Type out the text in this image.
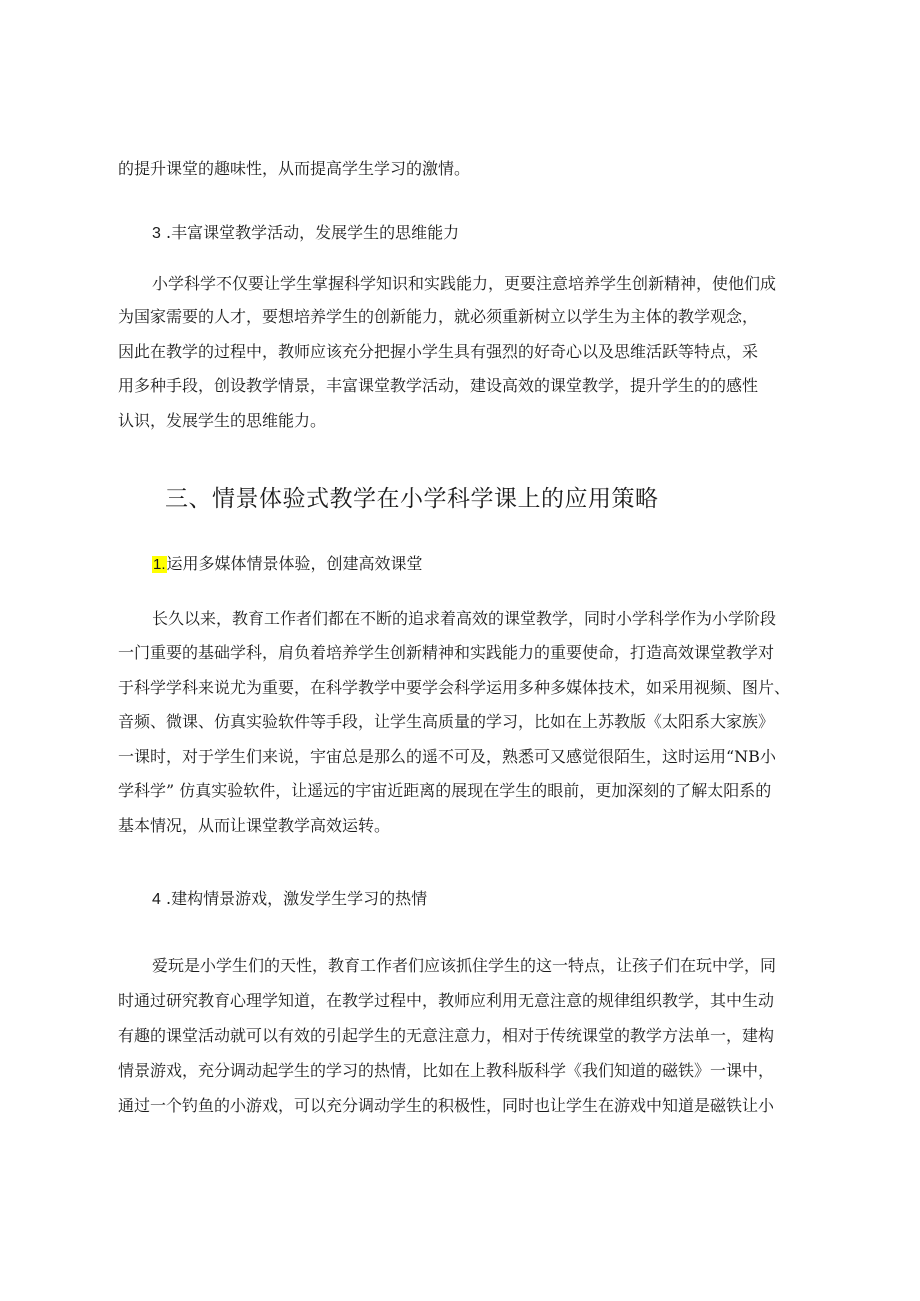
的提升课堂的趣味性，从而提高学生学习的激情。
3 .丰富课堂教学活动，发展学生的思维能力
小学科学不仅要让学生掌握科学知识和实践能力，更要注意培养学生创新精神，使他们成
为国家需要的人才，要想培养学生的创新能力，就必须重新树立以学生为主体的教学观念，
因此在教学的过程中，教师应该充分把握小学生具有强烈的好奇心以及思维活跃等特点，采
用多种手段，创设教学情景，丰富课堂教学活动，建设高效的课堂教学，提升学生的的感性
认识，发展学生的思维能力。
三、情景体验式教学在小学科学课上的应用策略
1.运用多媒体情景体验，创建高效课堂
长久以来，教育工作者们都在不断的追求着高效的课堂教学，同时小学科学作为小学阶段
一门重要的基础学科，肩负着培养学生创新精神和实践能力的重要使命，打造高效课堂教学对
于科学学科来说尤为重要，在科学教学中要学会科学运用多种多媒体技术，如采用视频、图片、
音频、微课、仿真实验软件等手段，让学生高质量的学习，比如在上苏教版《太阳系大家族》
一课时，对于学生们来说，宇宙总是那么的遥不可及，熟悉可又感觉很陌生，这时运用“NB小
学科学” 仿真实验软件，让遥远的宇宙近距离的展现在学生的眼前，更加深刻的了解太阳系的
基本情况，从而让课堂教学高效运转。
4 .建构情景游戏，激发学生学习的热情
爱玩是小学生们的天性，教育工作者们应该抓住学生的这一特点，让孩子们在玩中学，同
时通过研究教育心理学知道，在教学过程中，教师应利用无意注意的规律组织教学，其中生动
有趣的课堂活动就可以有效的引起学生的无意注意力，相对于传统课堂的教学方法单一，建构
情景游戏，充分调动起学生的学习的热情，比如在上教科版科学《我们知道的磁铁》一课中，
通过一个钓鱼的小游戏，可以充分调动学生的积极性，同时也让学生在游戏中知道是磁铁让小
